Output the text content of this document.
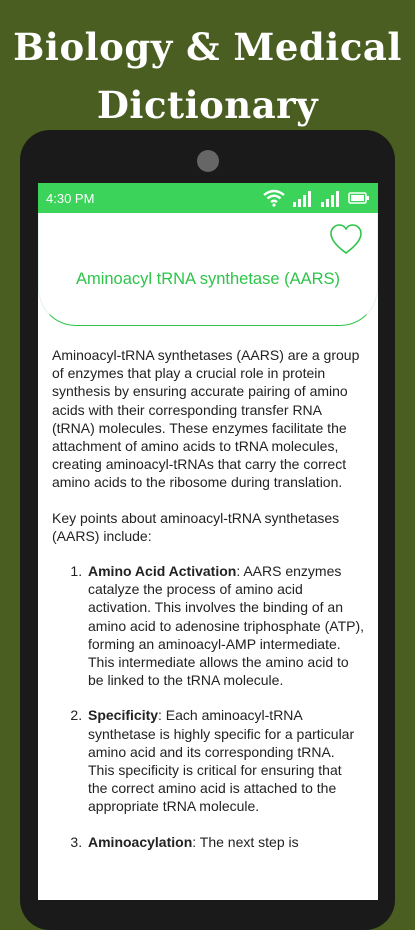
Biology & Medical
Dictionary
4:30 PM
Aminoacyl tRNA synthetase (AARS)

Aminoacyl-tRNA synthetases (AARS) are a group of enzymes that play a crucial role in protein synthesis by ensuring accurate pairing of amino acids with their corresponding transfer RNA (tRNA) molecules. These enzymes facilitate the attachment of amino acids to tRNA molecules, creating aminoacyl-tRNAs that carry the correct amino acids to the ribosome during translation.

Key points about aminoacyl-tRNA synthetases (AARS) include:

1. Amino Acid Activation: AARS enzymes catalyze the process of amino acid activation. This involves the binding of an amino acid to adenosine triphosphate (ATP), forming an aminoacyl-AMP intermediate. This intermediate allows the amino acid to be linked to the tRNA molecule.
2. Specificity: Each aminoacyl-tRNA synthetase is highly specific for a particular amino acid and its corresponding tRNA. This specificity is critical for ensuring that the correct amino acid is attached to the appropriate tRNA molecule.
3. Aminoacylation: The next step is
